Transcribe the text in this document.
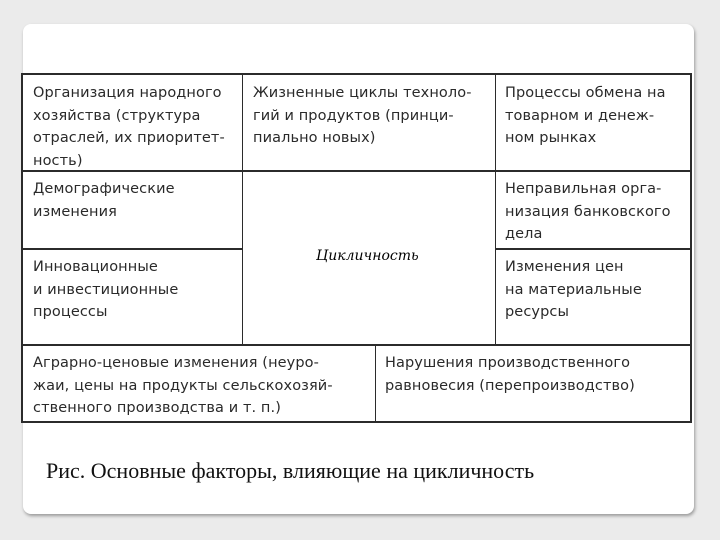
Организация народного
хозяйства (структура
отраслей, их приоритет-
ность)
Жизненные циклы техноло-
гий и продуктов (принци-
пиально новых)
Процессы обмена на
товарном и денеж-
ном рынках
Демографические
изменения
Инновационные
и инвестиционные
процессы
Неправильная орга-
низация банковского
дела
Изменения цен
на материальные
ресурсы
Аграрно-ценовые изменения (неуро-
жаи, цены на продукты сельскохозяй-
ственного производства и т. п.)
Нарушения производственного
равновесия (перепроизводство)
Цикличность
Рис. Основные факторы, влияющие на цикличность
